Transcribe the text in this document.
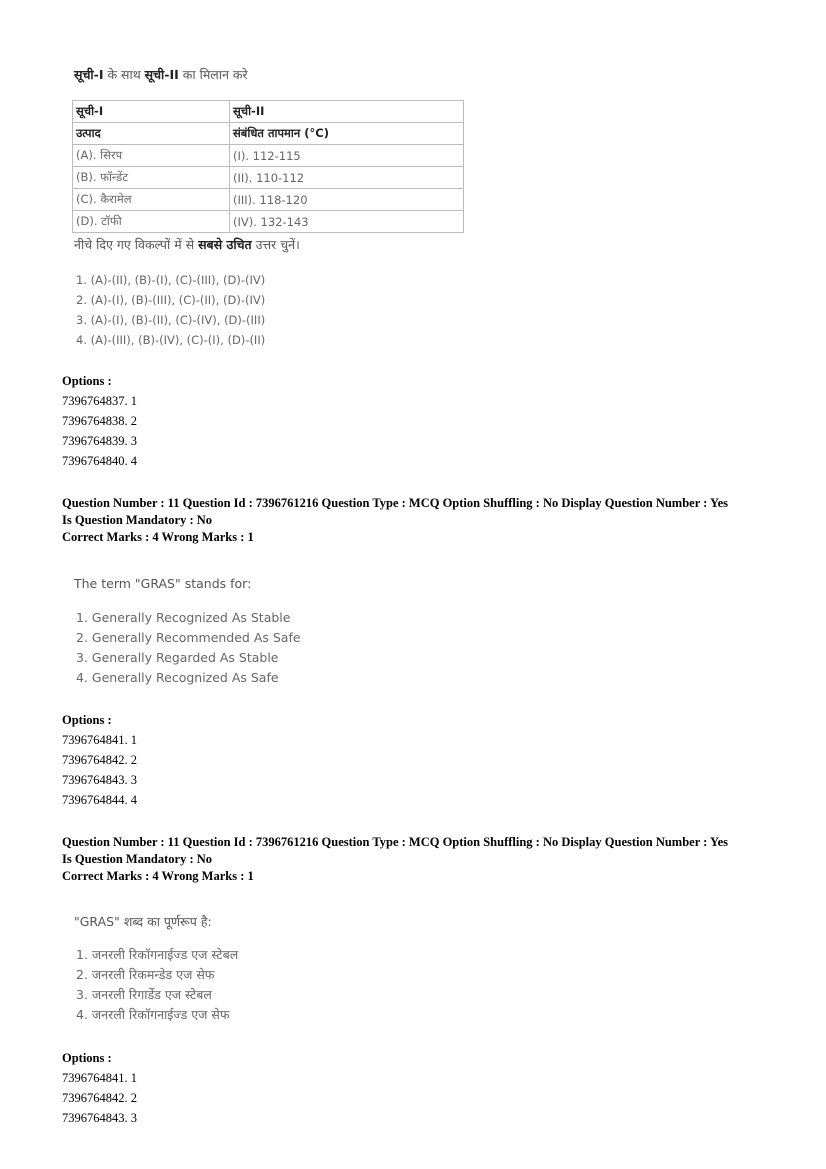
सूची-I के साथ सूची-II का मिलान करे
सूची-I	सूची-II
उत्पाद	संबंधित तापमान (°C)
(A). सिरप	(I). 112-115
(B). फॉन्डेंट	(II). 110-112
(C). कैरामेल	(III). 118-120
(D). टॉफी	(IV). 132-143
नीचे दिए गए विकल्पों में से सबसे उचित उत्तर चुनें।
1. (A)-(II), (B)-(I), (C)-(III), (D)-(IV)
2. (A)-(I), (B)-(III), (C)-(II), (D)-(IV)
3. (A)-(I), (B)-(II), (C)-(IV), (D)-(III)
4. (A)-(III), (B)-(IV), (C)-(I), (D)-(II)
Options :
7396764837. 1
7396764838. 2
7396764839. 3
7396764840. 4
Question Number : 11 Question Id : 7396761216 Question Type : MCQ Option Shuffling : No Display Question Number : Yes
Is Question Mandatory : No
Correct Marks : 4 Wrong Marks : 1
The term "GRAS" stands for:
1. Generally Recognized As Stable
2. Generally Recommended As Safe
3. Generally Regarded As Stable
4. Generally Recognized As Safe
Options :
7396764841. 1
7396764842. 2
7396764843. 3
7396764844. 4
Question Number : 11 Question Id : 7396761216 Question Type : MCQ Option Shuffling : No Display Question Number : Yes
Is Question Mandatory : No
Correct Marks : 4 Wrong Marks : 1
"GRAS" शब्द का पूर्णरूप है:
1. जनरली रिकॉगनाईज्ड एज स्टेबल
2. जनरली रिकमन्डेड एज सेफ
3. जनरली रिगार्डेड एज स्टेबल
4. जनरली रिकॉगनाईज्ड एज सेफ
Options :
7396764841. 1
7396764842. 2
7396764843. 3
